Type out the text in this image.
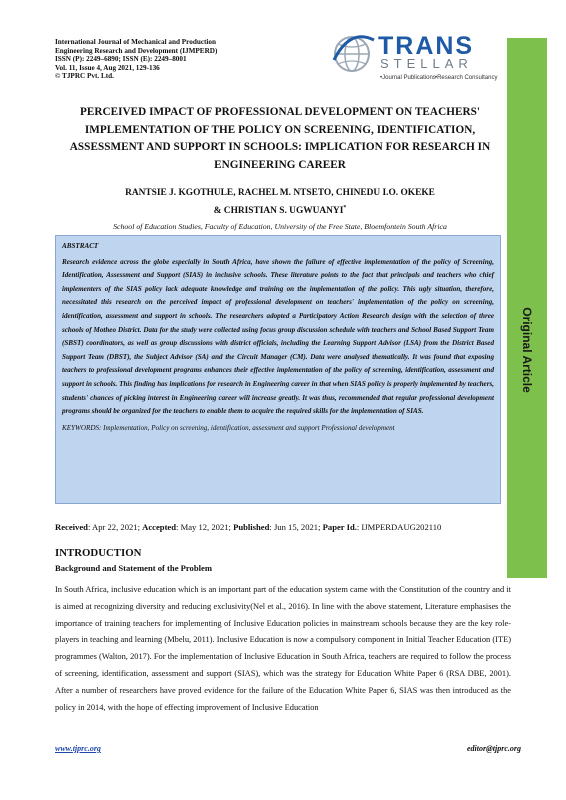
International Journal of Mechanical and Production
Engineering Research and Development (IJMPERD)
ISSN (P): 2249–6890; ISSN (E): 2249–8001
Vol. 11, Issue 4, Aug 2021, 129-136
© TJPRC Pvt. Ltd.
TRANS
STELLAR
•Journal Publications •Research Consultancy
Original Article
PERCEIVED IMPACT OF PROFESSIONAL DEVELOPMENT ON TEACHERS' IMPLEMENTATION OF THE POLICY ON SCREENING, IDENTIFICATION, ASSESSMENT AND SUPPORT IN SCHOOLS: IMPLICATION FOR RESEARCH IN ENGINEERING CAREER
RANTSIE J. KGOTHULE, RACHEL M. NTSETO, CHINEDU I.O. OKEKE
& CHRISTIAN S. UGWUANYI*
School of Education Studies, Faculty of Education, University of the Free State, Bloemfontein South Africa
ABSTRACT
Research evidence across the globe especially in South Africa, have shown the failure of effective implementation of the policy of Screening, Identification, Assessment and Support (SIAS) in inclusive schools. These literature points to the fact that principals and teachers who chief implementers of the SIAS policy lack adequate knowledge and training on the implementation of the policy. This ugly situation, therefore, necessitated this research on the perceived impact of professional development on teachers' implementation of the policy on screening, identification, assessment and support in schools. The researchers adopted a Participatory Action Research design with the selection of three schools of Motheo District. Data for the study were collected using focus group discussion schedule with teachers and School Based Support Team (SBST) coordinators, as well as group discussions with district officials, including the Learning Support Advisor (LSA) from the District Based Support Team (DBST), the Subject Advisor (SA) and the Circuit Manager (CM). Data were analysed thematically. It was found that exposing teachers to professional development programs enhances their effective implementation of the policy of screening, identification, assessment and support in schools. This finding has implications for research in Engineering career in that when SIAS policy is properly implemented by teachers, students' chances of picking interest in Engineering career will increase greatly. It was thus, recommended that regular professional development programs should be organized for the teachers to enable them to acquire the required skills for the implementation of SIAS.
KEYWORDS: Implementation, Policy on screening, identification, assessment and support Professional development
Received: Apr 22, 2021; Accepted: May 12, 2021; Published: Jun 15, 2021; Paper Id.: IJMPERDAUG202110
INTRODUCTION
Background and Statement of the Problem
In South Africa, inclusive education which is an important part of the education system came with the Constitution of the country and it is aimed at recognizing diversity and reducing exclusivity(Nel et al., 2016). In line with the above statement, Literature emphasises the importance of training teachers for implementing of Inclusive Education policies in mainstream schools because they are the key role-players in teaching and learning (Mbelu, 2011). Inclusive Education is now a compulsory component in Initial Teacher Education (ITE) programmes (Walton, 2017). For the implementation of Inclusive Education in South Africa, teachers are required to follow the process of screening, identification, assessment and support (SIAS), which was the strategy for Education White Paper 6 (RSA DBE, 2001). After a number of researchers have proved evidence for the failure of the Education White Paper 6, SIAS was then introduced as the policy in 2014, with the hope of effecting improvement of Inclusive Education
www.tjprc.org	editor@tjprc.org
